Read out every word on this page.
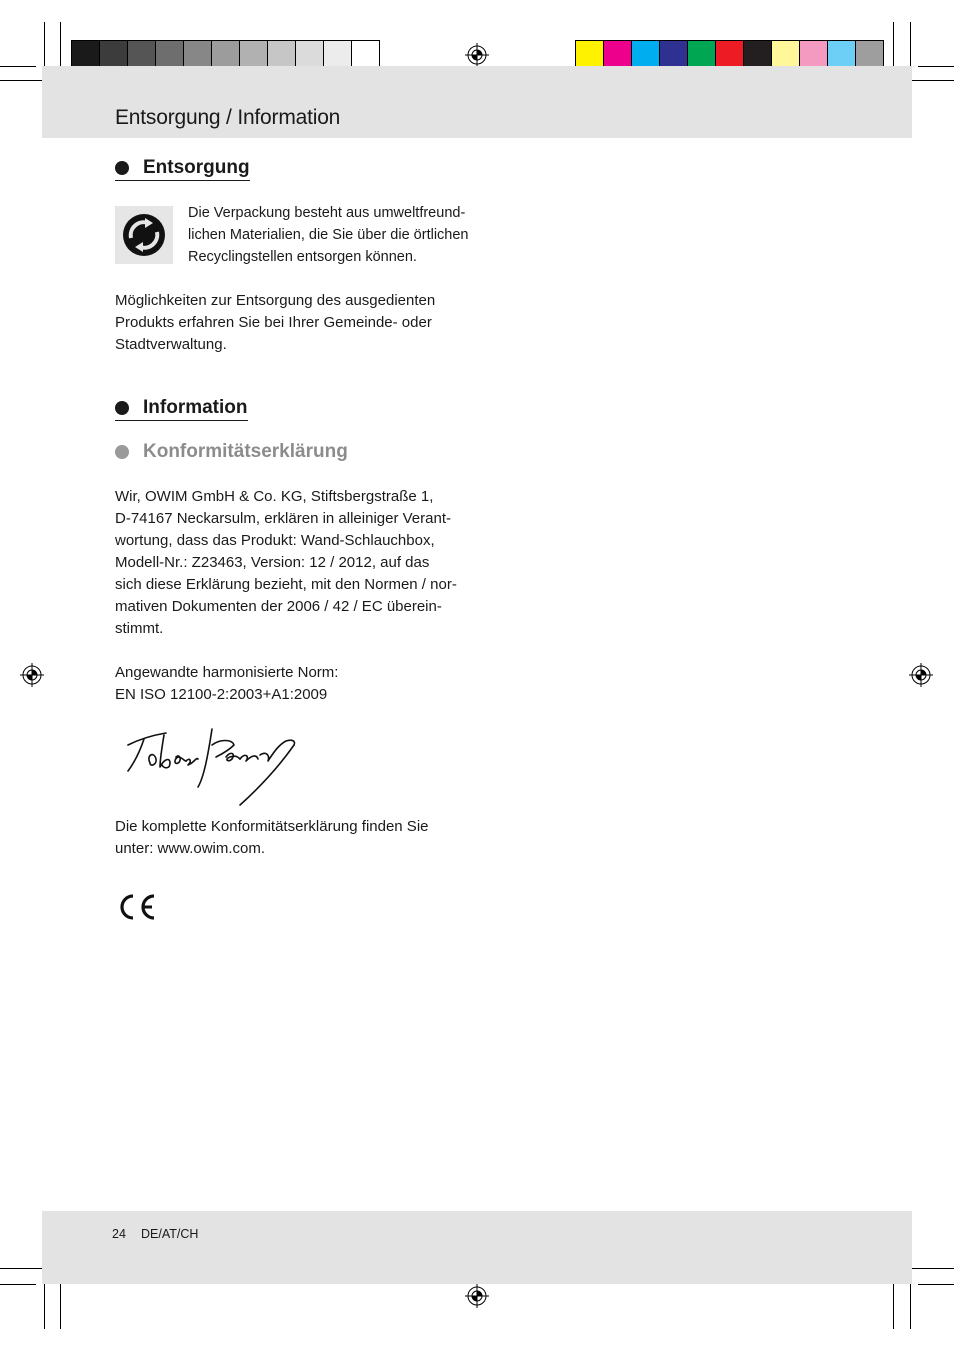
Entsorgung / Information
Entsorgung
Die Verpackung besteht aus umweltfreund-
lichen Materialien, die Sie über die örtlichen
Recyclingstellen entsorgen können.
Möglichkeiten zur Entsorgung des ausgedienten
Produkts erfahren Sie bei Ihrer Gemeinde- oder
Stadtverwaltung.
Information
Konformitätserklärung
Wir, OWIM GmbH & Co. KG, Stiftsbergstraße 1,
D-74167 Neckarsulm, erklären in alleiniger Verant-
wortung, dass das Produkt: Wand-Schlauchbox,
Modell-Nr.: Z23463, Version: 12 / 2012, auf das
sich diese Erklärung bezieht, mit den Normen / nor-
mativen Dokumenten der 2006 / 42 / EC überein-
stimmt.
Angewandte harmonisierte Norm:
EN ISO 12100-2:2003+A1:2009
Die komplette Konformitätserklärung finden Sie
unter: www.owim.com.
24 DE/AT/CH
